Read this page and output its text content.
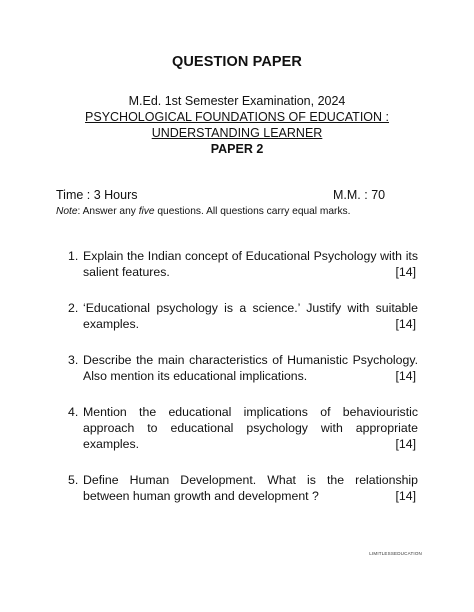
QUESTION PAPER
M.Ed. 1st Semester Examination, 2024
PSYCHOLOGICAL FOUNDATIONS OF EDUCATION :
UNDERSTANDING LEARNER
PAPER 2
Time : 3 Hours	M.M. : 70
Note: Answer any five questions. All questions carry equal marks.
1. Explain the Indian concept of Educational Psychology with its salient features.	[14]
2. ‘Educational psychology is a science.’ Justify with suitable examples.	[14]
3. Describe the main characteristics of Humanistic Psychology. Also mention its educational implications.	[14]
4. Mention the educational implications of behaviouristic approach to educational psychology with appropriate examples.	[14]
5. Define Human Development. What is the relationship between human growth and development ?	[14]
LIMITLESSEDUCATION
